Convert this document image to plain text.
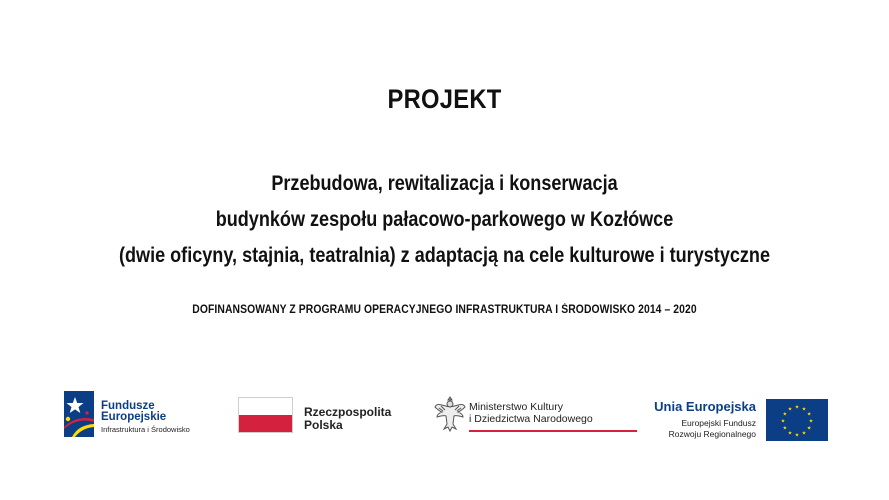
PROJEKT
Przebudowa, rewitalizacja i konserwacja
budynków zespołu pałacowo-parkowego w Kozłówce
(dwie oficyny, stajnia, teatralnia) z adaptacją na cele kulturowe i turystyczne
DOFINANSOWANY Z PROGRAMU OPERACYJNEGO INFRASTRUKTURA I ŚRODOWISKO 2014 – 2020
Fundusze
Europejskie
Infrastruktura i Środowisko
Rzeczpospolita
Polska
Ministerstwo Kultury
i Dziedzictwa Narodowego
Unia Europejska
Europejski Fundusz
Rozwoju Regionalnego
★ ★
★
★
★
★
★
★
★
★
★
★
